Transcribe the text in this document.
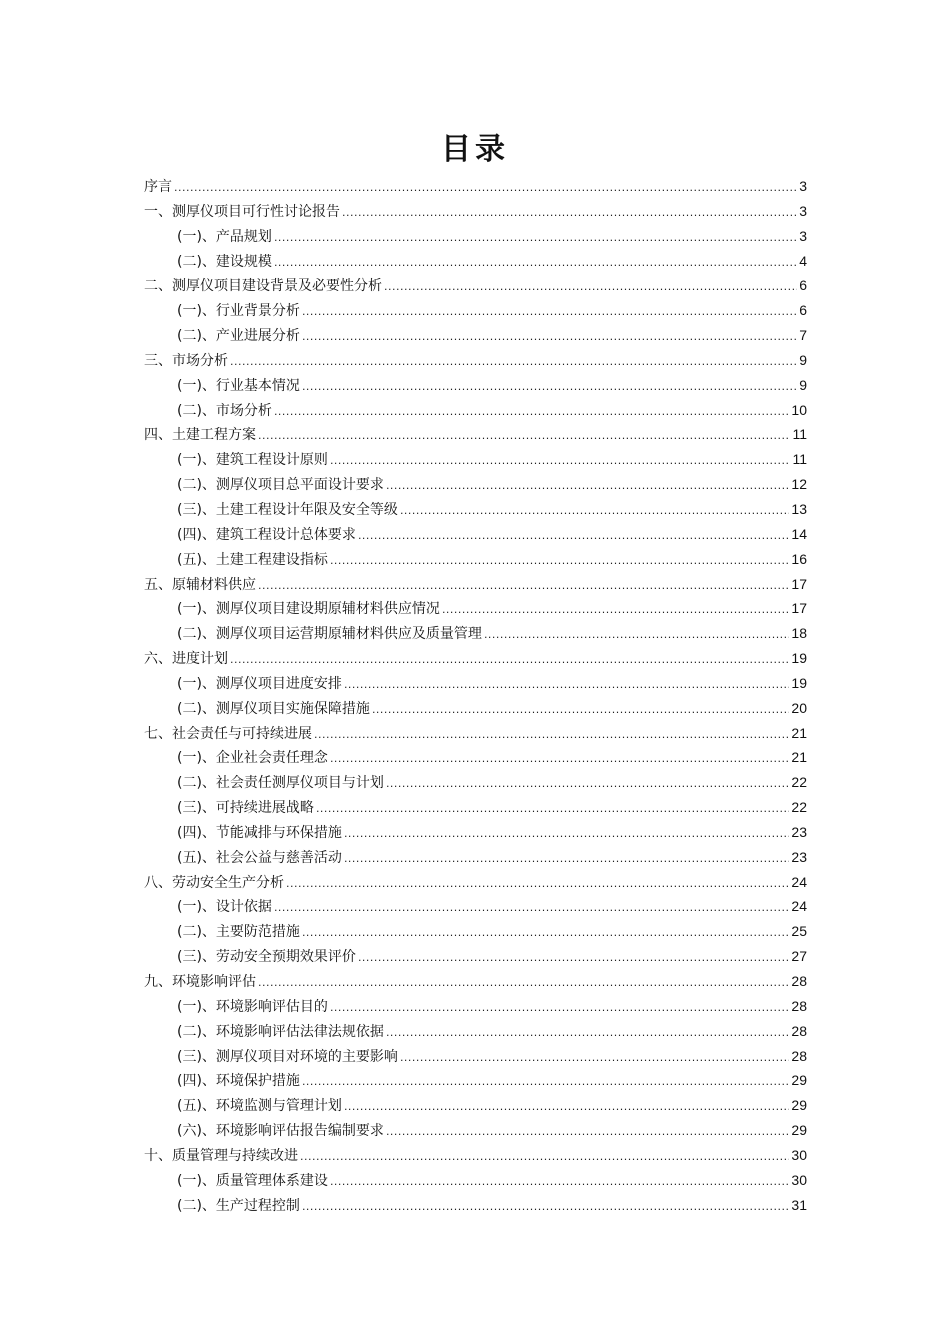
目录
序言 .....	3
一、测厚仪项目可行性讨论报告 .....	3
(一)、产品规划 .....	3
(二)、建设规模 .....	4
二、测厚仪项目建设背景及必要性分析 .....	6
(一)、行业背景分析 .....	6
(二)、产业进展分析 .....	7
三、市场分析 .....	9
(一)、行业基本情况 .....	9
(二)、市场分析 .....	10
四、土建工程方案 .....	11
(一)、建筑工程设计原则 .....	11
(二)、测厚仪项目总平面设计要求 .....	12
(三)、土建工程设计年限及安全等级 .....	13
(四)、建筑工程设计总体要求 .....	14
(五)、土建工程建设指标 .....	16
五、原辅材料供应 .....	17
(一)、测厚仪项目建设期原辅材料供应情况 .....	17
(二)、测厚仪项目运营期原辅材料供应及质量管理 .....	18
六、进度计划 .....	19
(一)、测厚仪项目进度安排 .....	19
(二)、测厚仪项目实施保障措施 .....	20
七、社会责任与可持续进展 .....	21
(一)、企业社会责任理念 .....	21
(二)、社会责任测厚仪项目与计划 .....	22
(三)、可持续进展战略 .....	22
(四)、节能减排与环保措施 .....	23
(五)、社会公益与慈善活动 .....	23
八、劳动安全生产分析 .....	24
(一)、设计依据 .....	24
(二)、主要防范措施 .....	25
(三)、劳动安全预期效果评价 .....	27
九、环境影响评估 .....	28
(一)、环境影响评估目的 .....	28
(二)、环境影响评估法律法规依据 .....	28
(三)、测厚仪项目对环境的主要影响 .....	28
(四)、环境保护措施 .....	29
(五)、环境监测与管理计划 .....	29
(六)、环境影响评估报告编制要求 .....	29
十、质量管理与持续改进 .....	30
(一)、质量管理体系建设 .....	30
(二)、生产过程控制 .....	31
